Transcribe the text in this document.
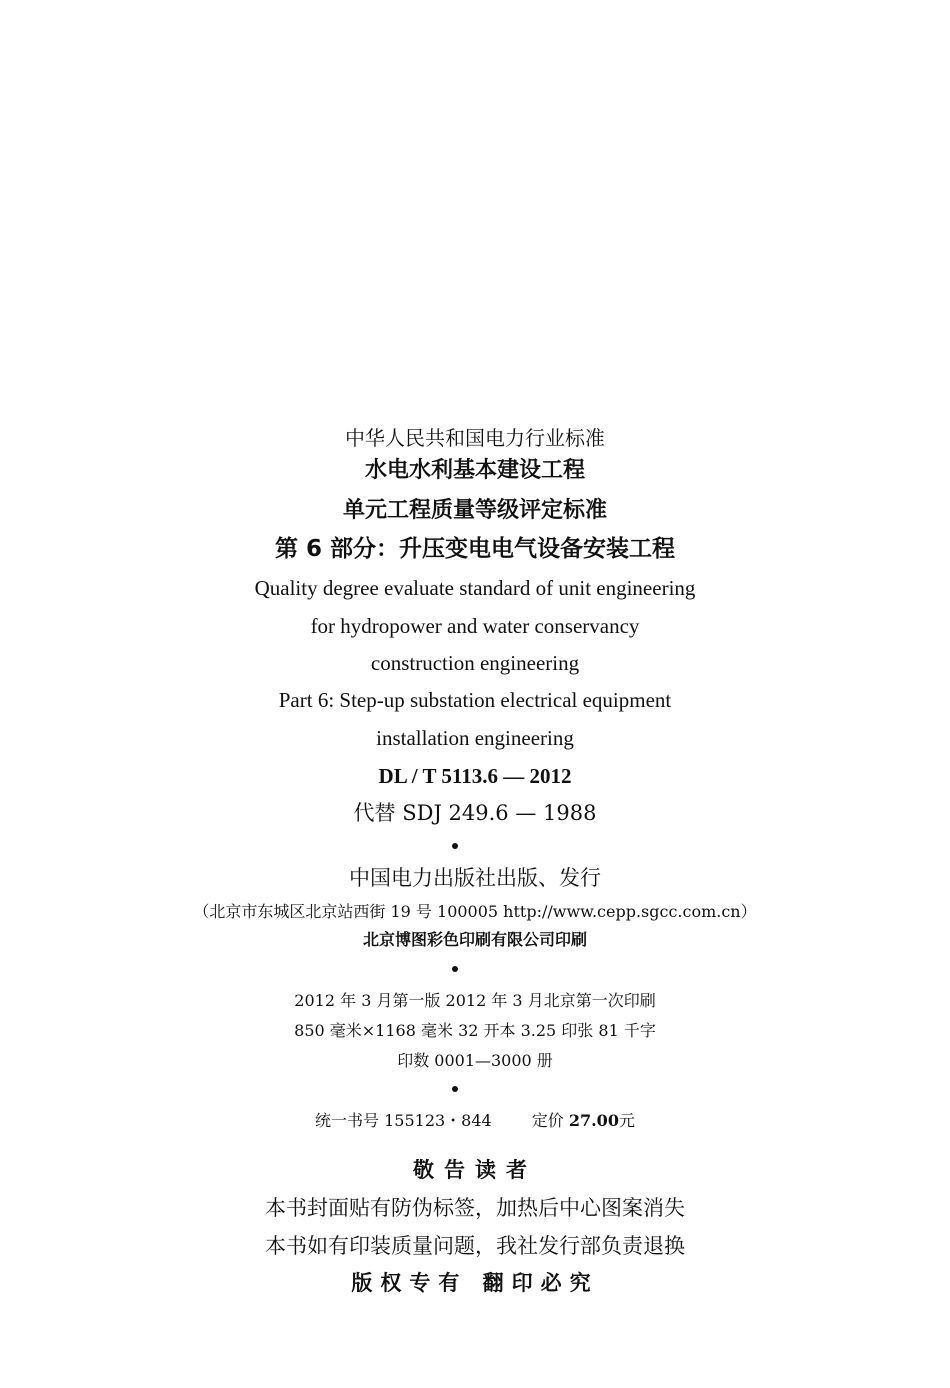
中华人民共和国电力行业标准
水电水利基本建设工程
单元工程质量等级评定标准
第 6 部分：升压变电电气设备安装工程
Quality degree evaluate standard of unit engineering
for hydropower and water conservancy
construction engineering
Part 6: Step-up substation electrical equipment
installation engineering
DL / T 5113.6 — 2012
代替 SDJ 249.6 — 1988
中国电力出版社出版、发行
（北京市东城区北京站西街 19 号 100005 http://www.cepp.sgcc.com.cn）
北京博图彩色印刷有限公司印刷
2012 年 3 月第一版 2012 年 3 月北京第一次印刷
850 毫米×1168 毫米 32 开本 3.25 印张 81 千字
印数 0001—3000 册
统一书号 155123・844	定价 27.00元
敬告读者
本书封面贴有防伪标签，加热后中心图案消失
本书如有印装质量问题，我社发行部负责退换
版权专有 翻印必究
